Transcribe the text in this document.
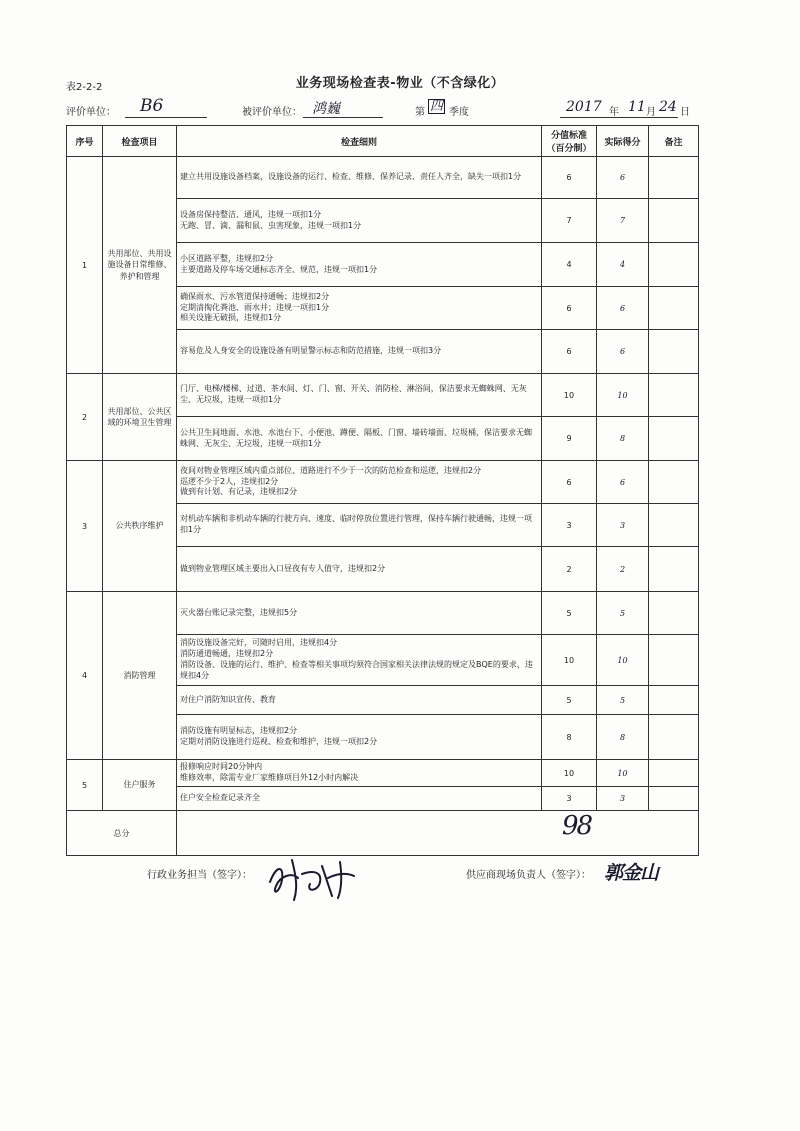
表2-2-2	业务现场检查表-物业（不含绿化）
评价单位： B6	被评价单位： 鸿巍	第 四 季度	2017 年 11 月 24 日
序号	检查项目	检查细则	分值标准（百分制）	实际得分	备注
1	共用部位、共用设施设备日常维修、养护和管理	建立共用设施设备档案，设施设备的运行、检查、维修、保养记录、责任人齐全，缺失一项扣1分	6	6	

		设备房保持整洁、通风，违规一项扣1分
无跑、冒、滴、漏和鼠、虫害现象，违规一项扣1分	7	7	

		小区道路平整，违规扣2分
主要道路及停车场交通标志齐全、规范，违规一项扣1分	4	4	

		确保雨水、污水管道保持通畅；违规扣2分
定期清掏化粪池、雨水井；违规一项扣1分
相关设施无破损，违规扣1分	6	6	

		容易危及人身安全的设施设备有明显警示标志和防范措施，违规一项扣3分	6	6	
2	共用部位、公共区域的环境卫生管理	门厅、电梯/楼梯、过道、茶水间、灯、门、窗、开关、消防栓、淋浴间，保洁要求无蜘蛛网、无灰尘、无垃圾，违规一项扣1分	10	10	

		公共卫生间地面、水池、水池台下、小便池、蹲便、隔板、门窗、墙砖墙面、垃圾桶，保洁要求无蜘蛛网、无灰尘、无垃圾，违规一项扣1分	9	8	
3	公共秩序维护	夜间对物业管理区域内重点部位、道路进行不少于一次的防范检查和巡逻，违规扣2分
巡逻不少于2人，违规扣2分
做到有计划、有记录，违规扣2分	6	6	

		对机动车辆和非机动车辆的行驶方向、速度、临时停放位置进行管理，保持车辆行驶通畅，违规一项扣1分	3	3	

		做到物业管理区域主要出入口昼夜有专人值守，违规扣2分	2	2	
4	消防管理	灭火器台账记录完整，违规扣5分	5	5	

		消防设施设备完好，可随时启用，违规扣4分
消防通道畅通，违规扣2分
消防设备、设施的运行、维护、检查等相关事项均须符合国家相关法律法规的规定及BQE的要求，违规扣4分	10	10	

		对住户消防知识宣传、教育	5	5	

		消防设施有明显标志，违规扣2分
定期对消防设施进行巡视、检查和维护，违规一项扣2分	8	8	
5	住户服务	报修响应时间20分钟内
维修效率，除需专业厂家维修项目外12小时内解决	10	10	

		住户安全检查记录齐全	3	3	
总分		98			
行政业务担当（签字）：	供应商现场负责人（签字）： 郭金山
